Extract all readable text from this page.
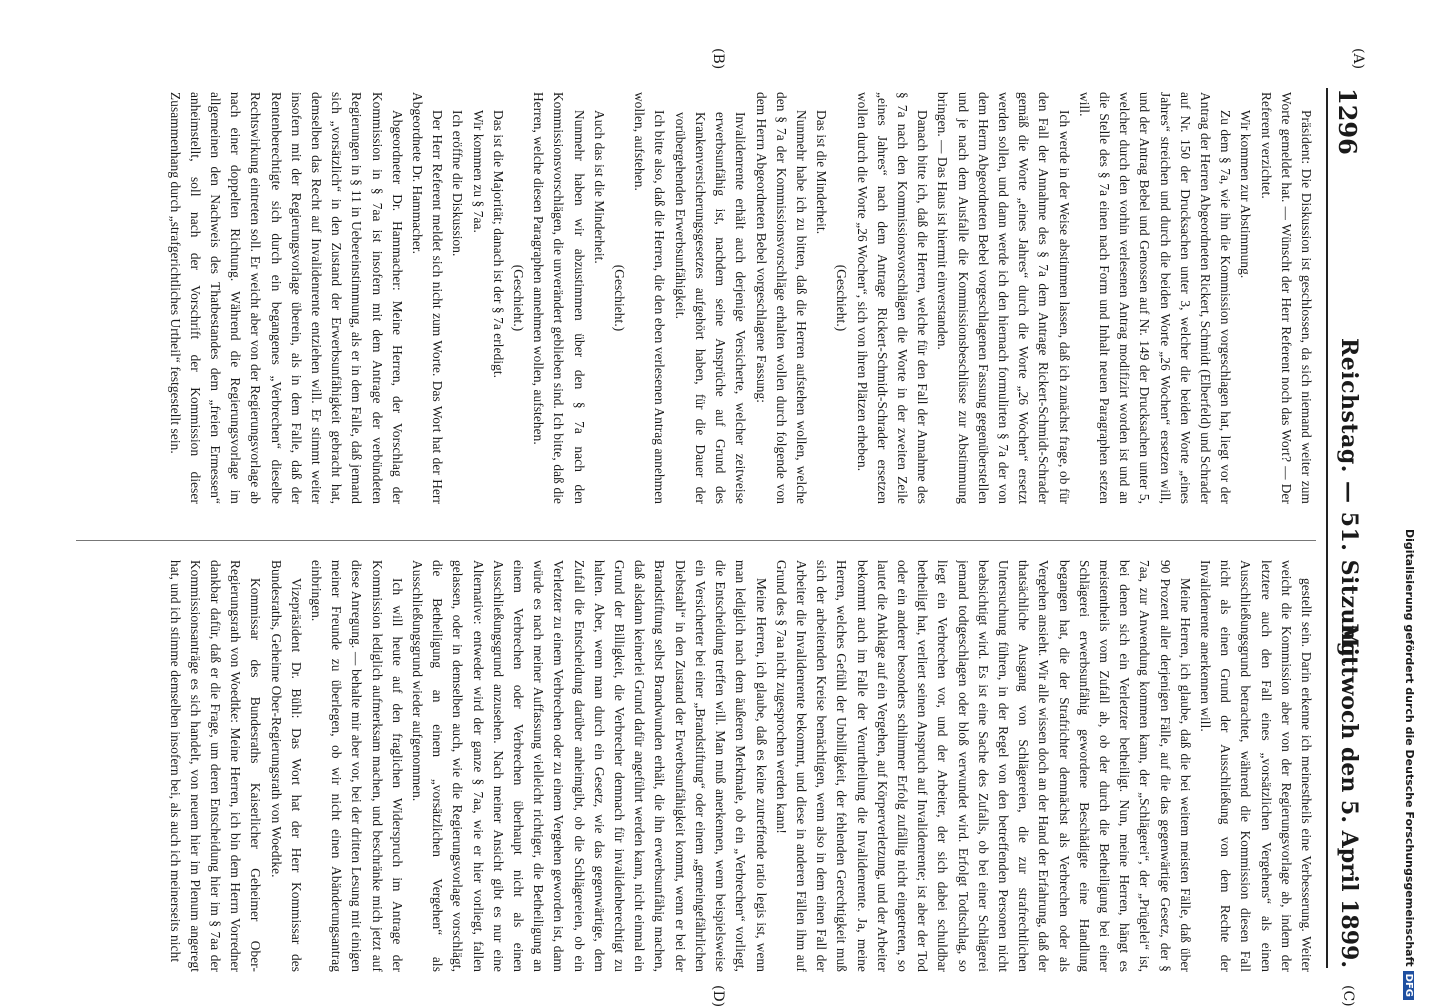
1296
Reichstag. — 51. Sitzung.
Mittwoch den 5. April 1899.
(A)
(B)
(C)
(D)

Präsident: Die Diskussion ist geschlossen, da sich niemand weiter zum Worte gemeldet hat. — Wünscht der Herr Referent noch das Wort? — Der Referent verzichtet.

Wir kommen zur Abstimmung.

Zu dem § 7a, wie ihn die Kommission vorgeschlagen hat, liegt vor der Antrag der Herren Abgeordneten Rickert, Schmidt (Elberfeld) und Schrader auf Nr. 150 der Drucksachen unter 3, welcher die beiden Worte „eines Jahres“ streichen und durch die beiden Worte „26 Wochen“ ersetzen will, und der Antrag Bebel und Genossen auf Nr. 149 der Drucksachen unter 5, welcher durch den vorhin verlesenen Antrag modifizirt worden ist und an die Stelle des § 7a einen nach Form und Inhalt neuen Paragraphen setzen will.

Ich werde in der Weise abstimmen lassen, daß ich zunächst frage, ob für den Fall der Annahme des § 7a dem Antrage Rickert-Schmidt-Schrader gemäß die Worte „eines Jahres“ durch die Worte „26 Wochen“ ersetzt werden sollen, und dann werde ich den hiernach formulirten § 7a der von dem Herrn Abgeordneten Bebel vorgeschlagenen Fassung gegenüberstellen und je nach dem Ausfalle die Kommissionsbeschlüsse zur Abstimmung bringen. — Das Haus ist hiermit einverstanden.

Danach bitte ich, daß die Herren, welche für den Fall der Annahme des § 7a nach den Kommissionsvorschlägen die Worte in der zweiten Zeile „eines Jahres“ nach dem Antrage Rickert-Schmidt-Schrader ersetzen wollen durch die Worte „26 Wochen“, sich von ihren Plätzen erheben.

(Geschieht.)

Das ist die Minderheit.

Nunmehr habe ich zu bitten, daß die Herren aufstehen wollen, welche den § 7a der Kommissionsvorschläge erhalten wollen durch folgende von dem Herrn Abgeordneten Bebel vorgeschlagene Fassung:

Invalidenrente erhält auch derjenige Versicherte, welcher zeitweise erwerbsunfähig ist, nachdem seine Ansprüche auf Grund des Krankenversicherungsgesetzes aufgehört haben, für die Dauer der vorübergehenden Erwerbsunfähigkeit.

Ich bitte also, daß die Herren, die den eben verlesenen Antrag annehmen wollen, aufstehen.

(Geschieht.)

Auch das ist die Minderheit.

Nunmehr haben wir abzustimmen über den § 7a nach den Kommissionsvorschlägen, die unverändert geblieben sind. Ich bitte, daß die Herren, welche diesen Paragraphen annehmen wollen, aufstehen.

(Geschieht.)

Das ist die Majorität; danach ist der § 7a erledigt.

Wir kommen zu § 7aa.

Ich eröffne die Diskussion.

Der Herr Referent meldet sich nicht zum Worte. Das Wort hat der Herr Abgeordnete Dr. Hammacher.

Abgeordneter Dr. Hammacher: Meine Herren, der Vorschlag der Kommission in § 7aa ist insofern mit dem Antrage der verbündeten Regierungen in § 11 in Uebereinstimmung, als er in dem Falle, daß jemand sich „vorsätzlich“ in den Zustand der Erwerbsunfähigkeit gebracht hat, demselben das Recht auf Invalidenrente entziehen will. Er stimmt weiter insofern mit der Regierungsvorlage überein, als in dem Falle, daß der Rentenberechtigte sich durch ein begangenes „Verbrechen“ dieselbe Rechtswirkung eintreten soll. Er weicht aber von der Regierungsvorlage ab nach einer doppelten Richtung. Während die Regierungsvorlage im allgemeinen den Nachweis des Thatbestandes dem „freien Ermessen“ anheimstellt, soll nach der Vorschrift der Kommission dieser Zusammenhang durch „strafgerichtliches Urtheil“ festgestellt sein.

gestellt sein. Darin erkenne ich meinestheils eine Verbesserung. Weiter weicht die Kommission aber von der Regierungsvorlage ab, indem der letztere auch den Fall eines „vorsätzlichen Vergehens“ als einen Ausschließungsgrund betrachtet, während die Kommission diesen Fall nicht als einen Grund der Ausschließung von dem Rechte der Invalidenrente anerkennen will.

Meine Herren, ich glaube, daß die bei weitem meisten Fälle, daß über 90 Prozent aller derjenigen Fälle, auf die das gegenwärtige Gesetz, der § 7aa, zur Anwendung kommen kann, der „Schlägerei“, der „Prügelei“ ist, bei denen sich ein Verletzter betheiligt. Nun, meine Herren, hängt es meistentheils vom Zufall ab, ob der durch die Betheiligung bei einer Schlägerei erwerbsunfähig gewordene Beschädigte eine Handlung begangen hat, die der Strafrichter demnächst als Verbrechen oder als Vergehen ansieht. Wir alle wissen doch an der Hand der Erfahrung, daß der thatsächliche Ausgang von Schlägereien, die zur strafrechtlichen Untersuchung führen, in der Regel von den betreffenden Personen nicht beabsichtigt wird. Es ist eine Sache des Zufalls, ob bei einer Schlägerei jemand todtgeschlagen oder bloß verwundet wird. Erfolgt Todtschlag, so liegt ein Verbrechen vor, und der Arbeiter, der sich dabei schuldbar betheiligt hat, verliert seinen Anspruch auf Invalidenrente; ist aber der Tod oder ein anderer besonders schlimmer Erfolg zufällig nicht eingetreten, so lautet die Anklage auf ein Vergehen, auf Körperverletzung, und der Arbeiter bekommt auch im Falle der Verurtheilung die Invalidenrente. Ja, meine Herren, welches Gefühl der Unbilligkeit, der fehlenden Gerechtigkeit muß sich der arbeitenden Kreise bemächtigen, wenn also in dem einen Fall der Arbeiter die Invalidenrente bekommt, und diese in anderen Fällen ihm auf Grund des § 7aa nicht zugesprochen werden kann!

Meine Herren, ich glaube, daß es keine zutreffende ratio legis ist, wenn man lediglich nach dem äußeren Merkmale, ob ein „Verbrechen“ vorliegt, die Entscheidung treffen will. Man muß anerkennen, wenn beispielsweise ein Versicherter bei einer „Brandstiftung“ oder einem „gemeingefährlichen Diebstahl“ in den Zustand der Erwerbsunfähigkeit kommt, wenn er bei der Brandstiftung selbst Brandwunden erhält, die ihn erwerbsunfähig machen, daß alsdann keinerlei Grund dafür angeführt werden kann, nicht einmal ein Grund der Billigkeit, die Verbrecher demnach für invalidenberechtigt zu halten. Aber, wenn man durch ein Gesetz, wie das gegenwärtige, dem Zufall die Entscheidung darüber anheimgibt, ob die Schlägereien, ob ein Verletzter zu einem Verbrechen oder zu einem Vergehen geworden ist, dann würde es nach meiner Auffassung vielleicht richtiger, die Betheiligung an einem Verbrechen oder Verbrechen überhaupt nicht als einen Ausschließungsgrund anzusehen. Nach meiner Ansicht gibt es nur eine Alternative: entweder wird der ganze § 7aa, wie er hier vorliegt, fallen gelassen, oder in demselben auch, wie die Regierungsvorlage vorschlägt, die Betheiligung an einem „vorsätzlichen Vergehen“ als Ausschließungsgrund wieder aufgenommen.

Ich will heute auf den fraglichen Widerspruch im Antrage der Kommission lediglich aufmerksam machen, und beschränke mich jetzt auf diese Anregung. — behalte mir aber vor, bei der dritten Lesung mit einigen meiner Freunde zu überlegen, ob wir nicht einen Abänderungsantrag einbringen.

Vizepräsident Dr. Bühl: Das Wort hat der Herr Kommissar des Bundesraths, Geheime Ober-Regierungsrath von Woedtke.

Kommissar des Bundesraths Kaiserlicher Geheimer Ober-Regierungsrath von Woedtke: Meine Herren, ich bin dem Herrn Vorredner dankbar dafür, daß er die Frage, um deren Entscheidung hier im § 7aa der Kommissionsanträge es sich handelt, von neuem hier im Plenum angeregt hat, und ich stimme demselben insofern bei, als auch ich meinerseits nicht	Digitalisierung gefördert durch die Deutsche ForschungsgemeinschaftDFG
